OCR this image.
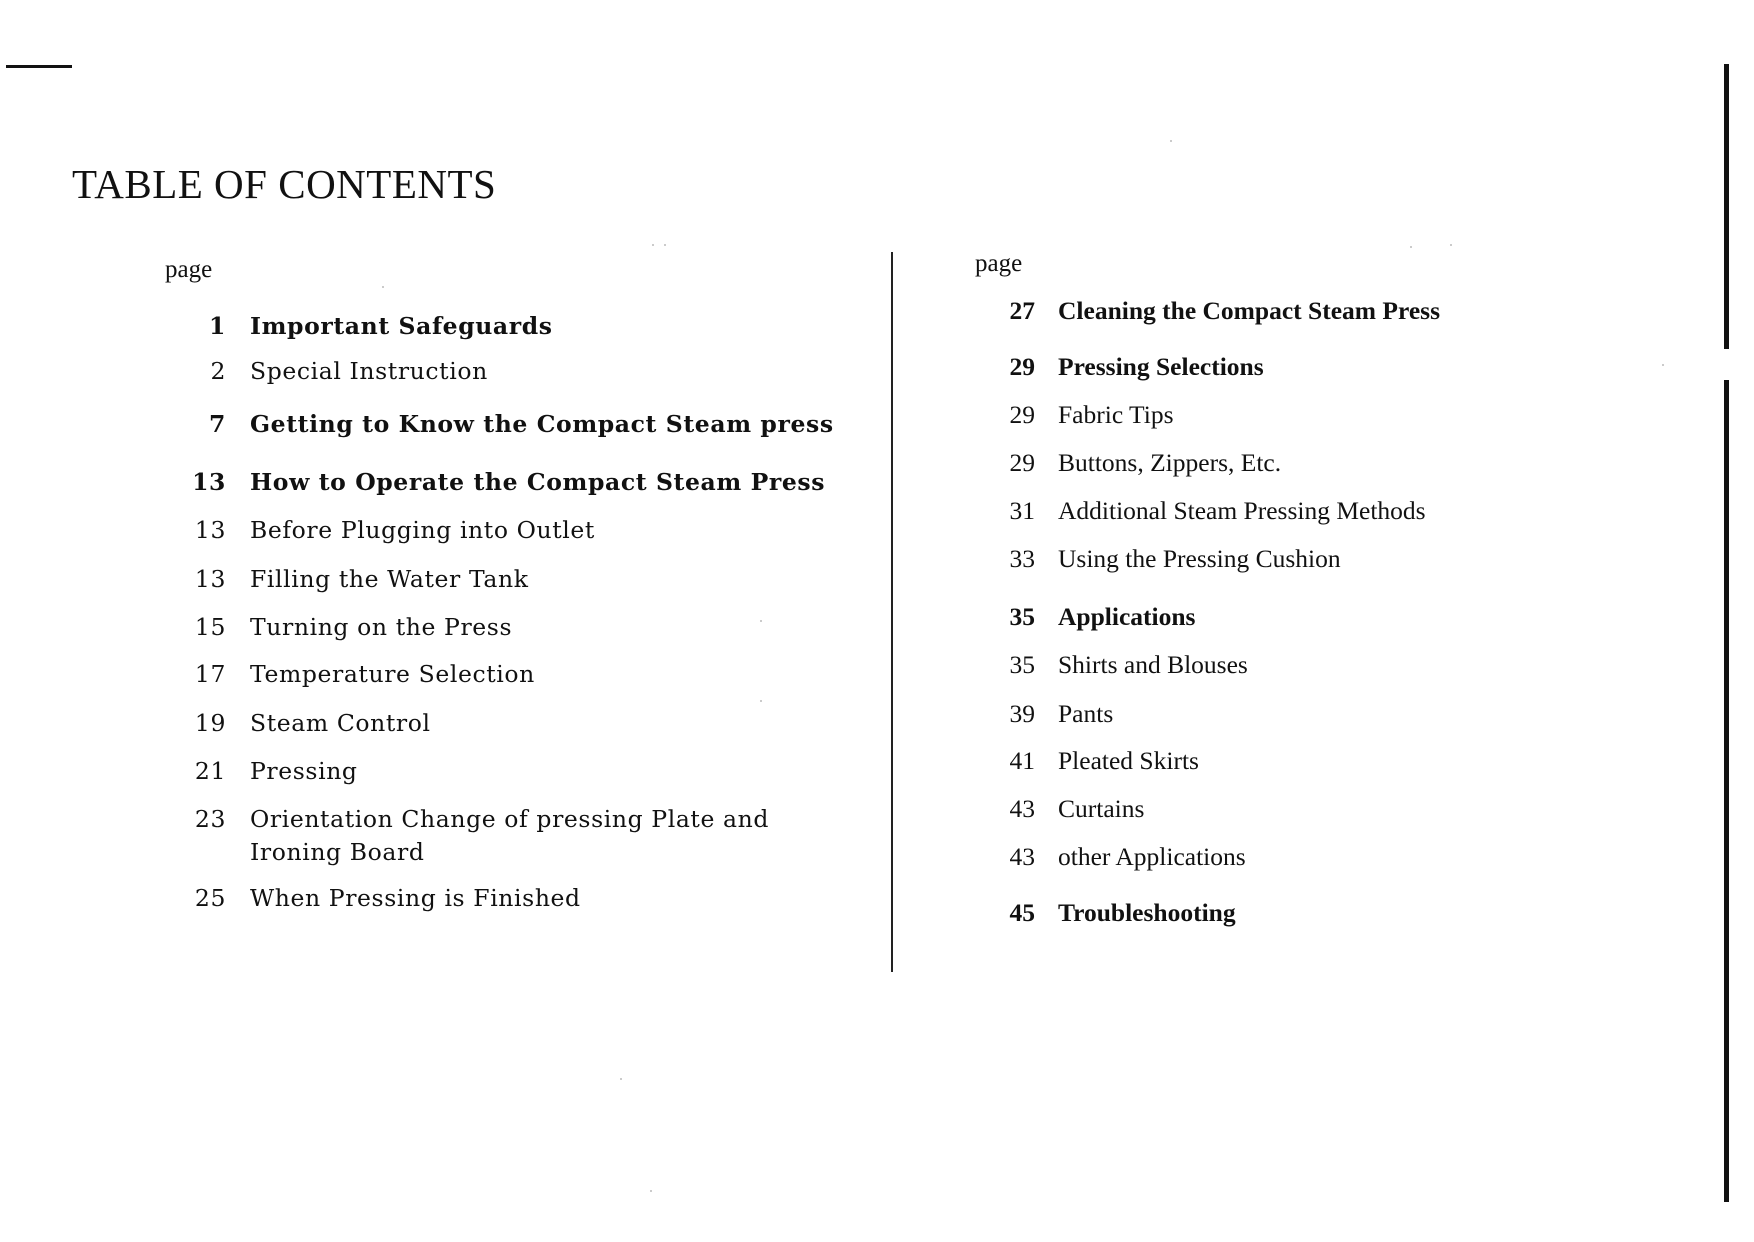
TABLE OF CONTENTS
page
1 Important Safeguards
2 Special Instruction
7 Getting to Know the Compact Steam press
13 How to Operate the Compact Steam Press
13 Before Plugging into Outlet
13 Filling the Water Tank
15 Turning on the Press
17 Temperature Selection
19 Steam Control
21 Pressing
23 Orientation Change of pressing Plate and
Ironing Board
25 When Pressing is Finished
page
27 Cleaning the Compact Steam Press
29 Pressing Selections
29 Fabric Tips
29 Buttons, Zippers, Etc.
31 Additional Steam Pressing Methods
33 Using the Pressing Cushion
35 Applications
35 Shirts and Blouses
39 Pants
41 Pleated Skirts
43 Curtains
43 other Applications
45 Troubleshooting
